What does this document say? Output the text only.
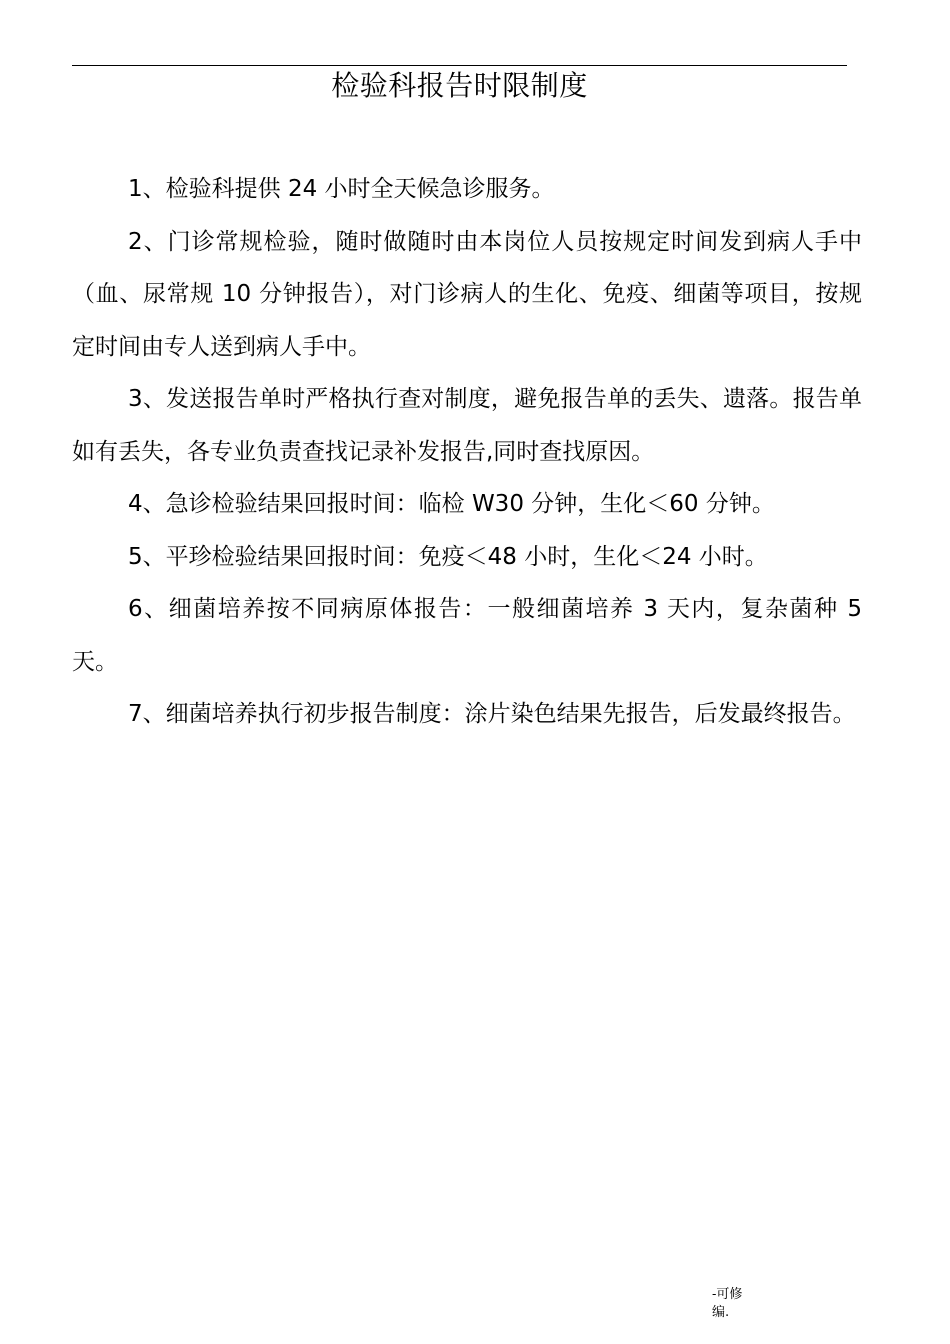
检验科报告时限制度

1、检验科提供 24 小时全天候急诊服务。

2、门诊常规检验，随时做随时由本岗位人员按规定时间发到病人手中（血、尿常规 10 分钟报告），对门诊病人的生化、免疫、细菌等项目，按规定时间由专人送到病人手中。

3、发送报告单时严格执行查对制度，避免报告单的丢失、遗落。报告单如有丢失，各专业负责查找记录补发报告,同时查找原因。

4、急诊检验结果回报时间：临检 W30 分钟，生化＜60 分钟。

5、平珍检验结果回报时间：免疫＜48 小时，生化＜24 小时。

6、细菌培养按不同病原体报告：一般细菌培养 3 天内，复杂菌种 5 天。

7、细菌培养执行初步报告制度：涂片染色结果先报告，后发最终报告。

-可修编.
